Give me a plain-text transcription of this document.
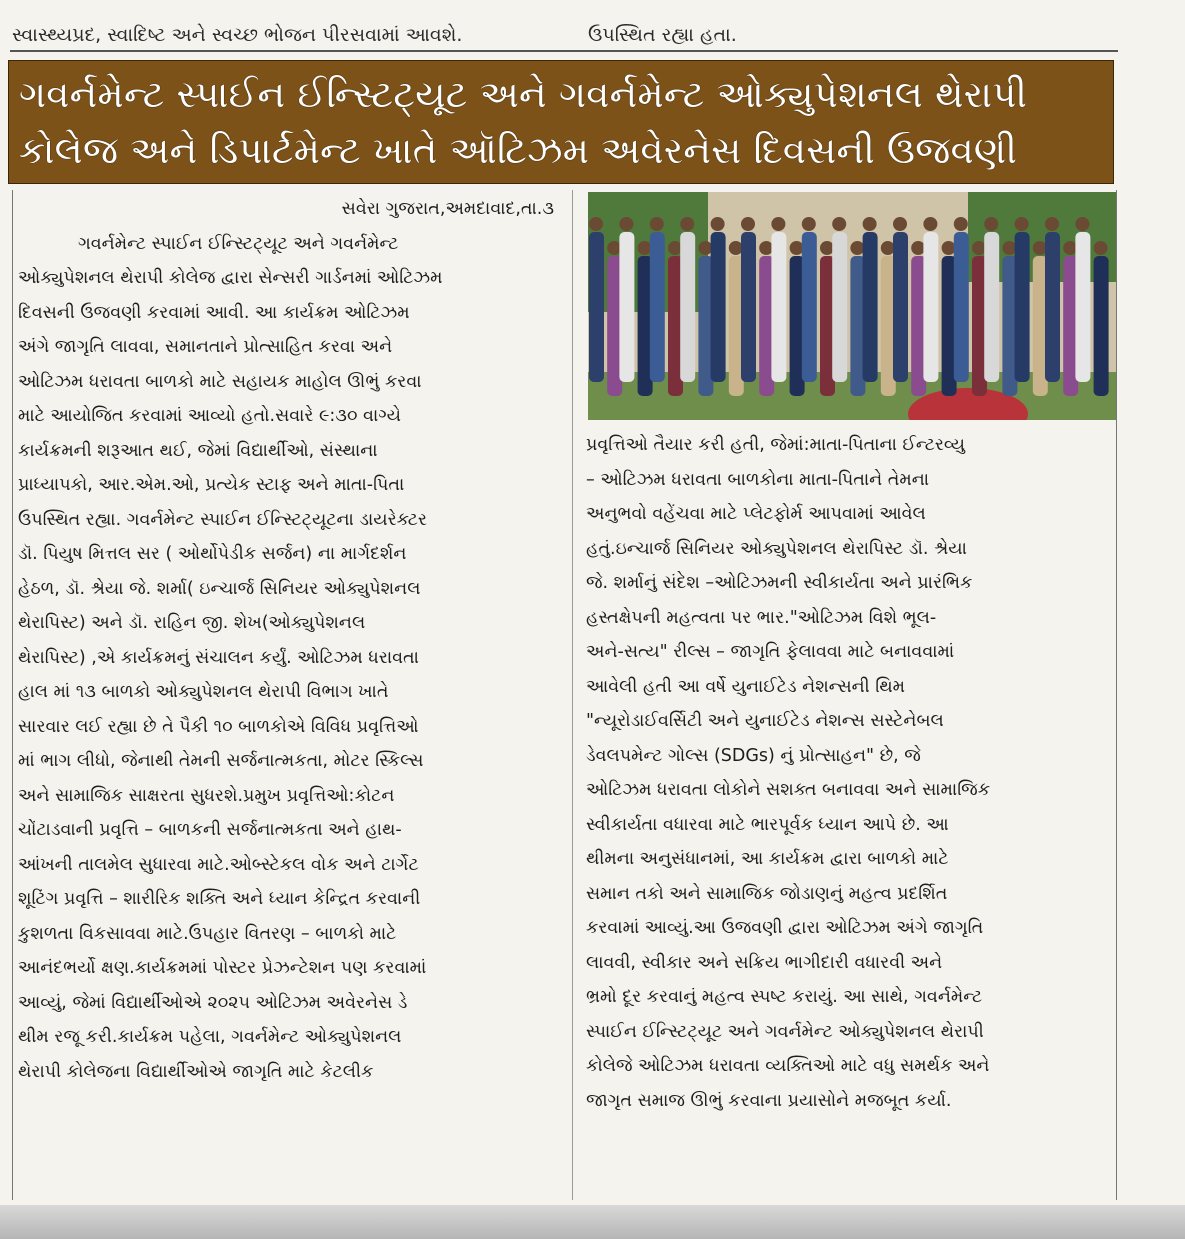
સ્વાસ્થ્યપ્રદ, સ્વાદિષ્ટ અને સ્વચ્છ ભોજન પીરસવામાં આવશે.	ઉપસ્થિત રહ્યા હતા.
ગવર્નમેન્ટ સ્પાઈન ઈન્સ્ટિટ્યૂટ અને ગવર્નમેન્ટ ઓક્યુપેશનલ થેરાપી
કોલેજ અને ડિપાર્ટમેન્ટ ખાતે ઑટિઝમ અવેરનેસ દિવસની ઉજવણી
સવેરા ગુજરાત,અમદાવાદ,તા.૩
ગવર્નમેન્ટ સ્પાઈન ઈન્સ્ટિટ્યૂટ અને ગવર્નમેન્ટ
ઓક્યુપેશનલ થેરાપી કોલેજ દ્વારા સેન્સરી ગાર્ડનમાં ઓટિઝમ
દિવસની ઉજવણી કરવામાં આવી. આ કાર્યક્રમ ઓટિઝમ
અંગે જાગૃતિ લાવવા, સમાનતાને પ્રોત્સાહિત કરવા અને
ઓટિઝમ ધરાવતા બાળકો માટે સહાયક માહોલ ઊભું કરવા
માટે આયોજિત કરવામાં આવ્યો હતો.સવારે ૯:૩૦ વાગ્યે
કાર્યક્રમની શરૂઆત થઈ, જેમાં વિદ્યાર્થીઓ, સંસ્થાના
પ્રાધ્યાપકો, આર.એમ.ઓ, પ્રત્યેક સ્ટાફ અને માતા-પિતા
ઉપસ્થિત રહ્યા. ગવર્નમેન્ટ સ્પાઈન ઈન્સ્ટિટ્યૂટના ડાયરેક્ટર
ડૉ. પિયુષ મિત્તલ સર ( ઓર્થોપેડીક સર્જન) ના માર્ગદર્શન
હેઠળ, ડૉ. શ્રેયા જે. શર્મા( ઇન્ચાર્જ સિનિયર ઓક્યુપેશનલ
થેરાપિસ્ટ) અને ડૉ. રાહિન જી. શેખ(ઓક્યુપેશનલ
થેરાપિસ્ટ) ,એ કાર્યક્રમનું સંચાલન કર્યું. ઓટિઝમ ધરાવતા
હાલ માં ૧૩ બાળકો ઓક્યુપેશનલ થેરાપી વિભાગ ખાતે
સારવાર લઈ રહ્યા છે તે પૈકી ૧૦ બાળકોએ વિવિધ પ્રવૃત્તિઓ
માં ભાગ લીધો, જેનાથી તેમની સર્જનાત્મકતા, મોટર સ્કિલ્સ
અને સામાજિક સાક્ષરતા સુધરશે.પ્રમુખ પ્રવૃત્તિઓ:કોટન
ચોંટાડવાની પ્રવૃત્તિ – બાળકની સર્જનાત્મકતા અને હાથ-
આંખની તાલમેલ સુધારવા માટે.ઓબ્સ્ટેકલ વોક અને ટાર્ગેટ
શૂટિંગ પ્રવૃત્તિ – શારીરિક શક્તિ અને ધ્યાન કેન્દ્રિત કરવાની
કુશળતા વિકસાવવા માટે.ઉપહાર વિતરણ – બાળકો માટે
આનંદભર્યો ક્ષણ.કાર્યક્રમમાં પોસ્ટર પ્રેઝન્ટેશન પણ કરવામાં
આવ્યું, જેમાં વિદ્યાર્થીઓએ ૨૦૨૫ ઓટિઝમ અવેરનેસ ડે
થીમ રજૂ કરી.કાર્યક્રમ પહેલા, ગવર્નમેન્ટ ઓક્યુપેશનલ
થેરાપી કોલેજના વિદ્યાર્થીઓએ જાગૃતિ માટે કેટલીક
પ્રવૃત્તિઓ તૈયાર કરી હતી, જેમાં:માતા-પિતાના ઈન્ટરવ્યુ
– ઓટિઝમ ધરાવતા બાળકોના માતા-પિતાને તેમના
અનુભવો વહેંચવા માટે પ્લેટફોર્મ આપવામાં આવેલ
હતું.ઇન્ચાર્જ સિનિયર ઓક્યુપેશનલ થેરાપિસ્ટ ડૉ. શ્રેયા
જે. શર્માનું સંદેશ –ઓટિઝમની સ્વીકાર્યતા અને પ્રારંભિક
હસ્તક્ષેપની મહત્વતા પર ભાર."ઓટિઝમ વિશે ભૂલ-
અને-સત્ય" રીલ્સ – જાગૃતિ ફેલાવવા માટે બનાવવામાં
આવેલી હતી આ વર્ષે યુનાઈટેડ નેશન્સની થિમ
"ન્યૂરોડાઈવર્સિટી અને યુનાઈટેડ નેશન્સ સસ્ટેનેબલ
ડેવલપમેન્ટ ગોલ્સ (SDGs) નું પ્રોત્સાહન" છે, જે
ઓટિઝમ ધરાવતા લોકોને સશક્ત બનાવવા અને સામાજિક
સ્વીકાર્યતા વધારવા માટે ભારપૂર્વક ધ્યાન આપે છે. આ
થીમના અનુસંધાનમાં, આ કાર્યક્રમ દ્વારા બાળકો માટે
સમાન તકો અને સામાજિક જોડાણનું મહત્વ પ્રદર્શિત
કરવામાં આવ્યું.આ ઉજવણી દ્વારા ઓટિઝમ અંગે જાગૃતિ
લાવવી, સ્વીકાર અને સક્રિય ભાગીદારી વધારવી અને
ભ્રમો દૂર કરવાનું મહત્વ સ્પષ્ટ કરાયું. આ સાથે, ગવર્નમેન્ટ
સ્પાઈન ઈન્સ્ટિટ્યૂટ અને ગવર્નમેન્ટ ઓક્યુપેશનલ થેરાપી
કોલેજે ઓટિઝમ ધરાવતા વ્યક્તિઓ માટે વધુ સમર્થક અને
જાગૃત સમાજ ઊભું કરવાના પ્રયાસોને મજબૂત કર્યા.
